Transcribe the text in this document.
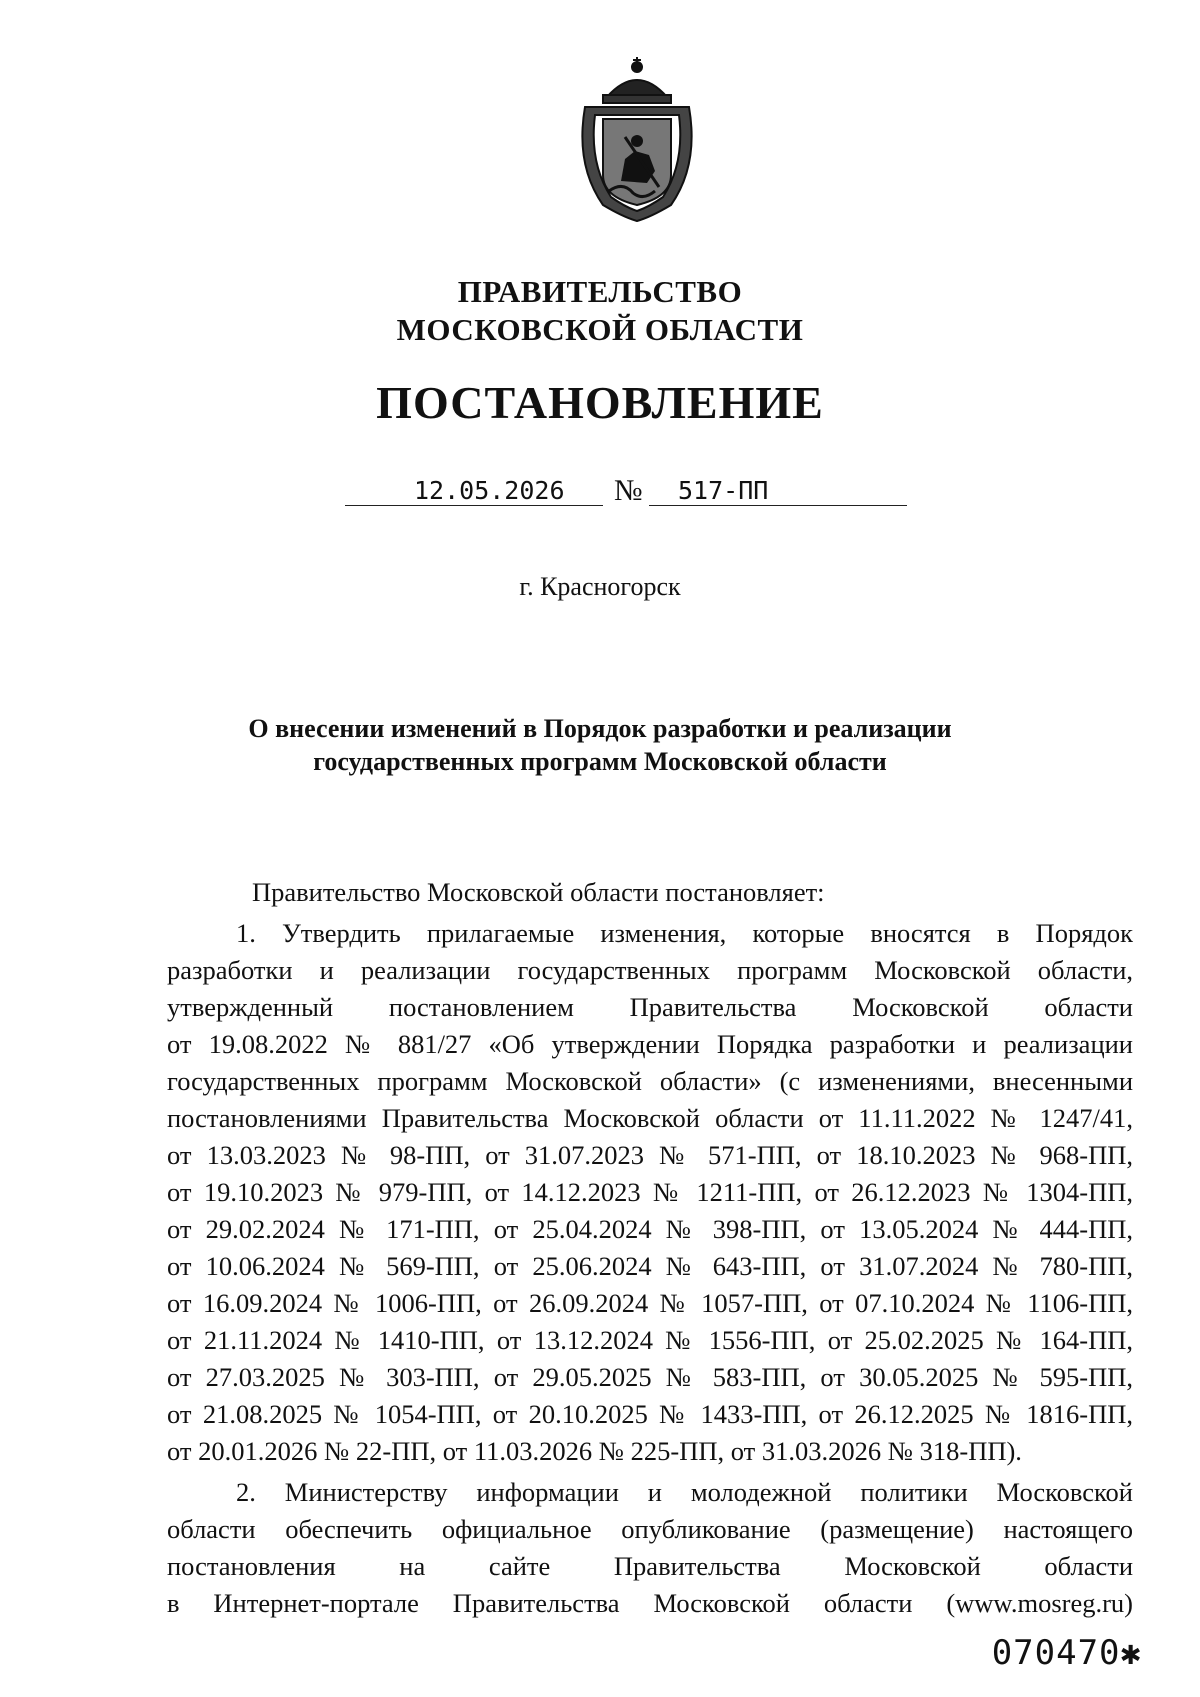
ПРАВИТЕЛЬСТВО
МОСКОВСКОЙ ОБЛАСТИ
ПОСТАНОВЛЕНИЕ
12.05.2026 № 517-ПП
г. Красногорск
О внесении изменений в Порядок разработки и реализации
государственных программ Московской области
Правительство Московской области постановляет:
1. Утвердить прилагаемые изменения, которые вносятся в Порядок
разработки и реализации государственных программ Московской области,
утвержденный постановлением Правительства Московской области
от 19.08.2022 № 881/27 «Об утверждении Порядка разработки и реализации
государственных программ Московской области» (с изменениями, внесенными
постановлениями Правительства Московской области от 11.11.2022 № 1247/41,
от 13.03.2023 № 98-ПП, от 31.07.2023 № 571-ПП, от 18.10.2023 № 968-ПП,
от 19.10.2023 № 979-ПП, от 14.12.2023 № 1211-ПП, от 26.12.2023 № 1304-ПП,
от 29.02.2024 № 171-ПП, от 25.04.2024 № 398-ПП, от 13.05.2024 № 444-ПП,
от 10.06.2024 № 569-ПП, от 25.06.2024 № 643-ПП, от 31.07.2024 № 780-ПП,
от 16.09.2024 № 1006-ПП, от 26.09.2024 № 1057-ПП, от 07.10.2024 № 1106-ПП,
от 21.11.2024 № 1410-ПП, от 13.12.2024 № 1556-ПП, от 25.02.2025 № 164-ПП,
от 27.03.2025 № 303-ПП, от 29.05.2025 № 583-ПП, от 30.05.2025 № 595-ПП,
от 21.08.2025 № 1054-ПП, от 20.10.2025 № 1433-ПП, от 26.12.2025 № 1816-ПП,
от 20.01.2026 № 22-ПП, от 11.03.2026 № 225-ПП, от 31.03.2026 № 318-ПП).
2. Министерству информации и молодежной политики Московской
области обеспечить официальное опубликование (размещение) настоящего
постановления на сайте Правительства Московской области
в Интернет-портале Правительства Московской области (www.mosreg.ru)
070470✱
